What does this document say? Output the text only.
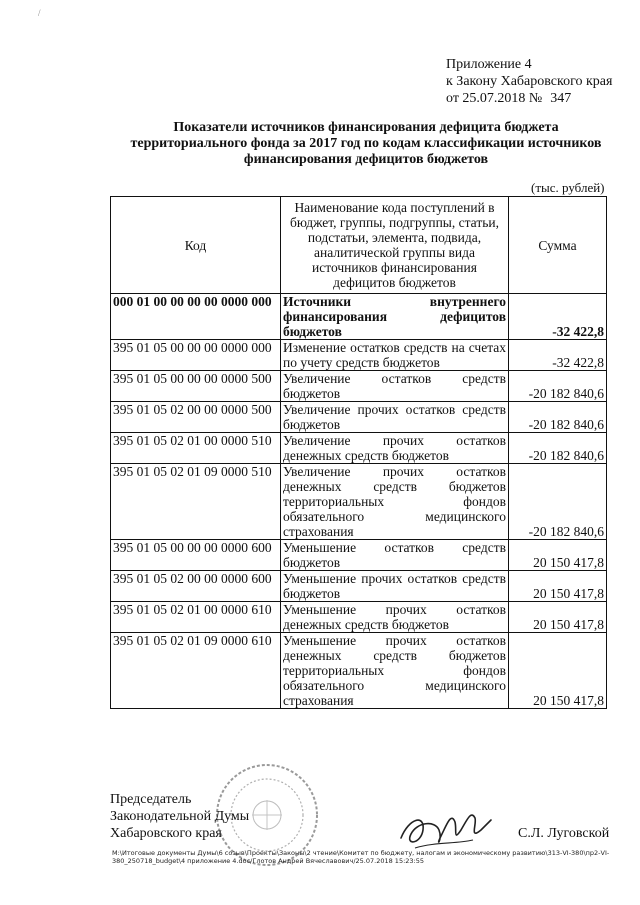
/
Приложение 4
к Закону Хабаровского края
от 25.07.2018 № 347
Показатели источников финансирования дефицита бюджета территориального фонда за 2017 год по кодам классификации источников финансирования дефицитов бюджетов
(тыс. рублей)
Код	Наименование кода поступлений в бюджет, группы, подгруппы, статьи, подстатьи, элемента, подвида, аналитической группы вида источников финансирования дефицитов бюджетов	Сумма
000 01 00 00 00 00 0000 000	Источники внутреннего финансирования дефицитов бюджетов	-32 422,8
395 01 05 00 00 00 0000 000	Изменение остатков средств на счетах по учету средств бюджетов	-32 422,8
395 01 05 00 00 00 0000 500	Увеличение остатков средств бюджетов	-20 182 840,6
395 01 05 02 00 00 0000 500	Увеличение прочих остатков средств бюджетов	-20 182 840,6
395 01 05 02 01 00 0000 510	Увеличение прочих остатков денежных средств бюджетов	-20 182 840,6
395 01 05 02 01 09 0000 510	Увеличение прочих остатков денежных средств бюджетов территориальных фондов обязательного медицинского страхования	-20 182 840,6
395 01 05 00 00 00 0000 600	Уменьшение остатков средств бюджетов	20 150 417,8
395 01 05 02 00 00 0000 600	Уменьшение прочих остатков средств бюджетов	20 150 417,8
395 01 05 02 01 00 0000 610	Уменьшение прочих остатков денежных средств бюджетов	20 150 417,8
395 01 05 02 01 09 0000 610	Уменьшение прочих остатков денежных средств бюджетов территориальных фондов обязательного медицинского страхования	20 150 417,8
Председатель
Законодательной Думы
Хабаровского края	С.Л. Луговской
M:\Итоговые документы Думы\6 созыв\Проекты\Законы\2 чтение\Комитет по бюджету, налогам и экономическому развитию\313-VI-380\пр2-VI-380_250718_budget\4 приложение 4.doc/Глотов Андрей Вячеславович/25.07.2018 15:23:55
